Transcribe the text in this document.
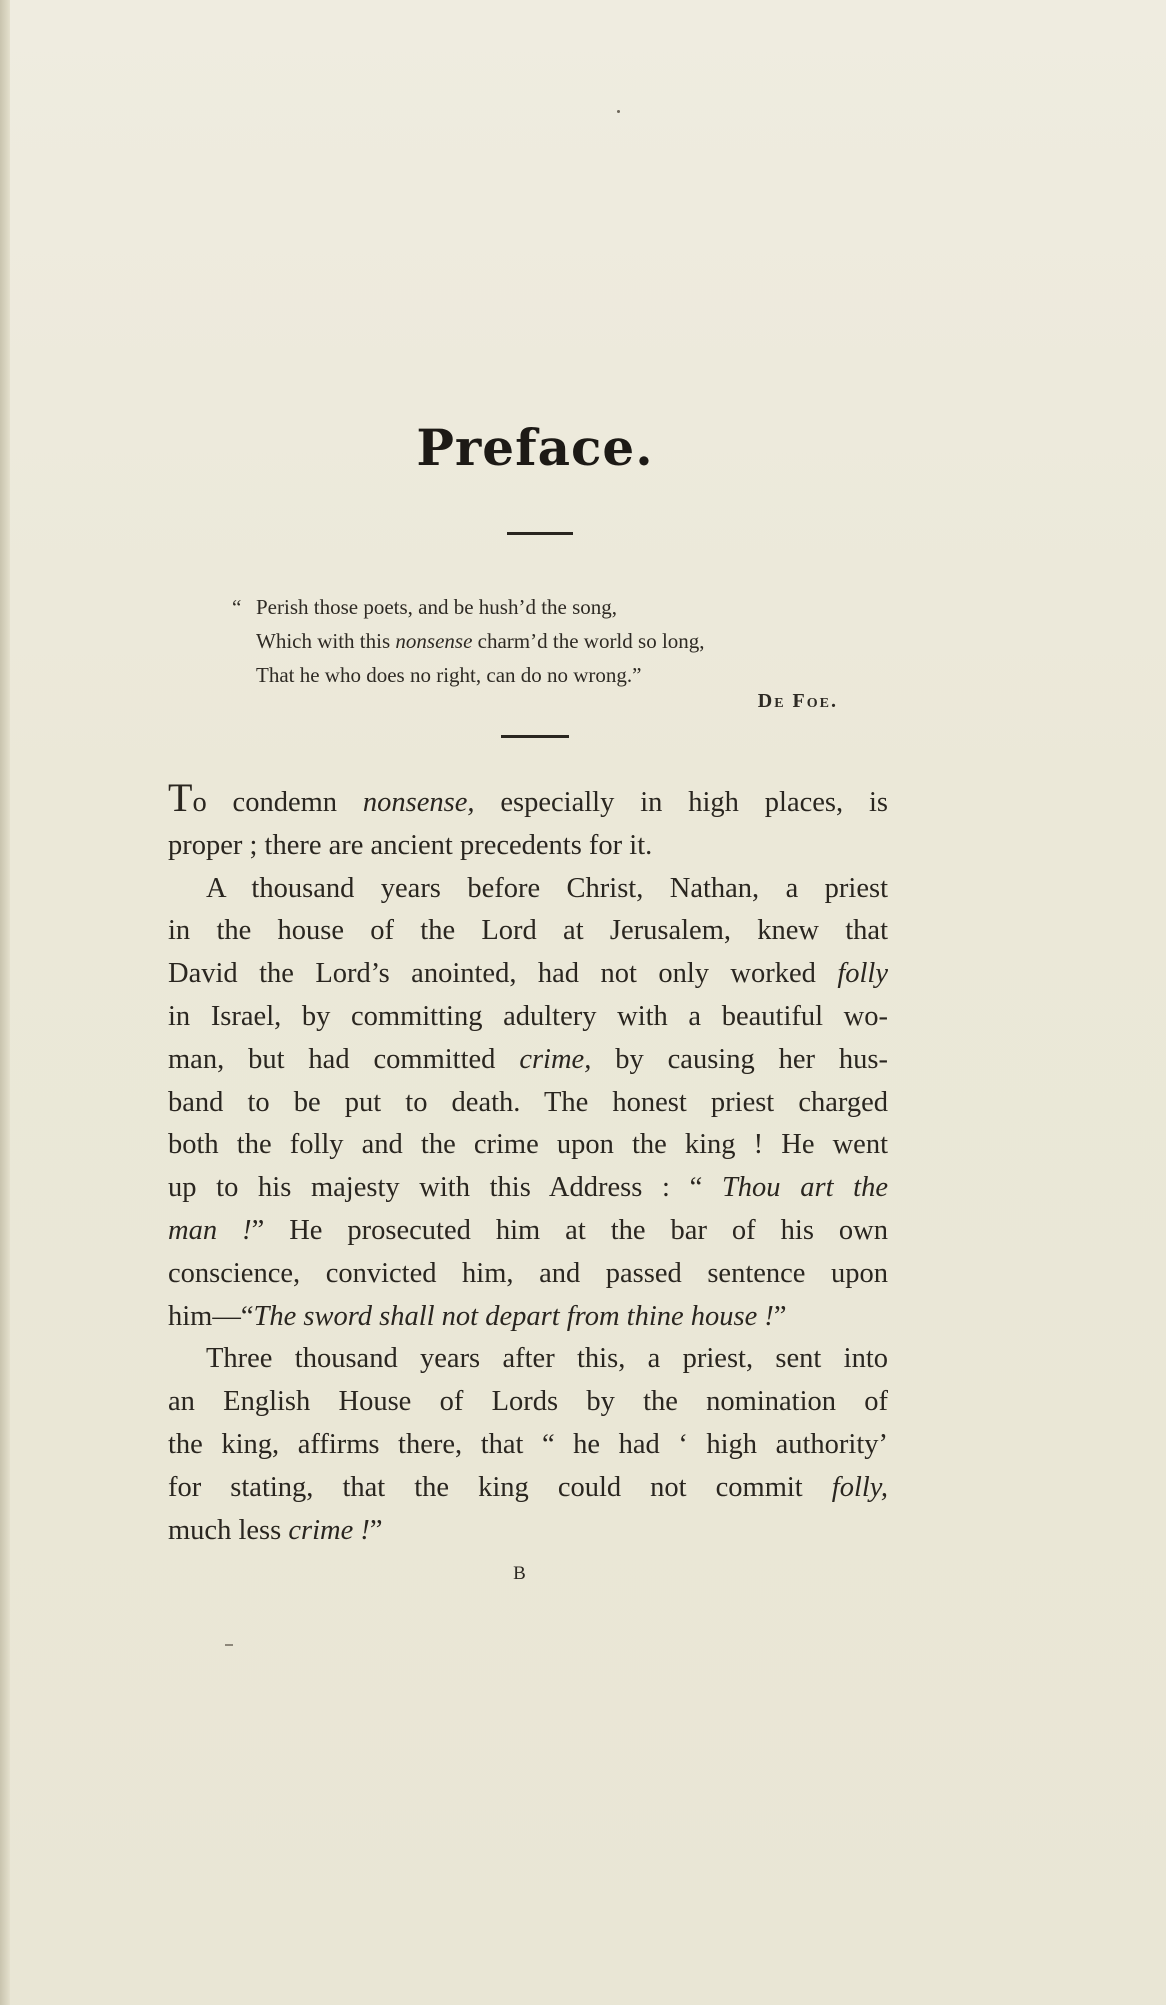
Preface.
“ Perish those poets, and be hush’d the song,
Which with this nonsense charm’d the world so long,
That he who does no right, can do no wrong.”
De Foe.

To condemn nonsense, especially in high places, is
proper ; there are ancient precedents for it.

A thousand years before Christ, Nathan, a priest
in the house of the Lord at Jerusalem, knew that
David the Lord’s anointed, had not only worked folly
in Israel, by committing adultery with a beautiful wo-
man, but had committed crime, by causing her hus-
band to be put to death. The honest priest charged
both the folly and the crime upon the king ! He went
up to his majesty with this Address : “ Thou art the
man !” He prosecuted him at the bar of his own
conscience, convicted him, and passed sentence upon
him—“The sword shall not depart from thine house !”

Three thousand years after this, a priest, sent into
an English House of Lords by the nomination of
the king, affirms there, that “ he had ‘ high authority’
for stating, that the king could not commit folly,
much less crime !”

B
